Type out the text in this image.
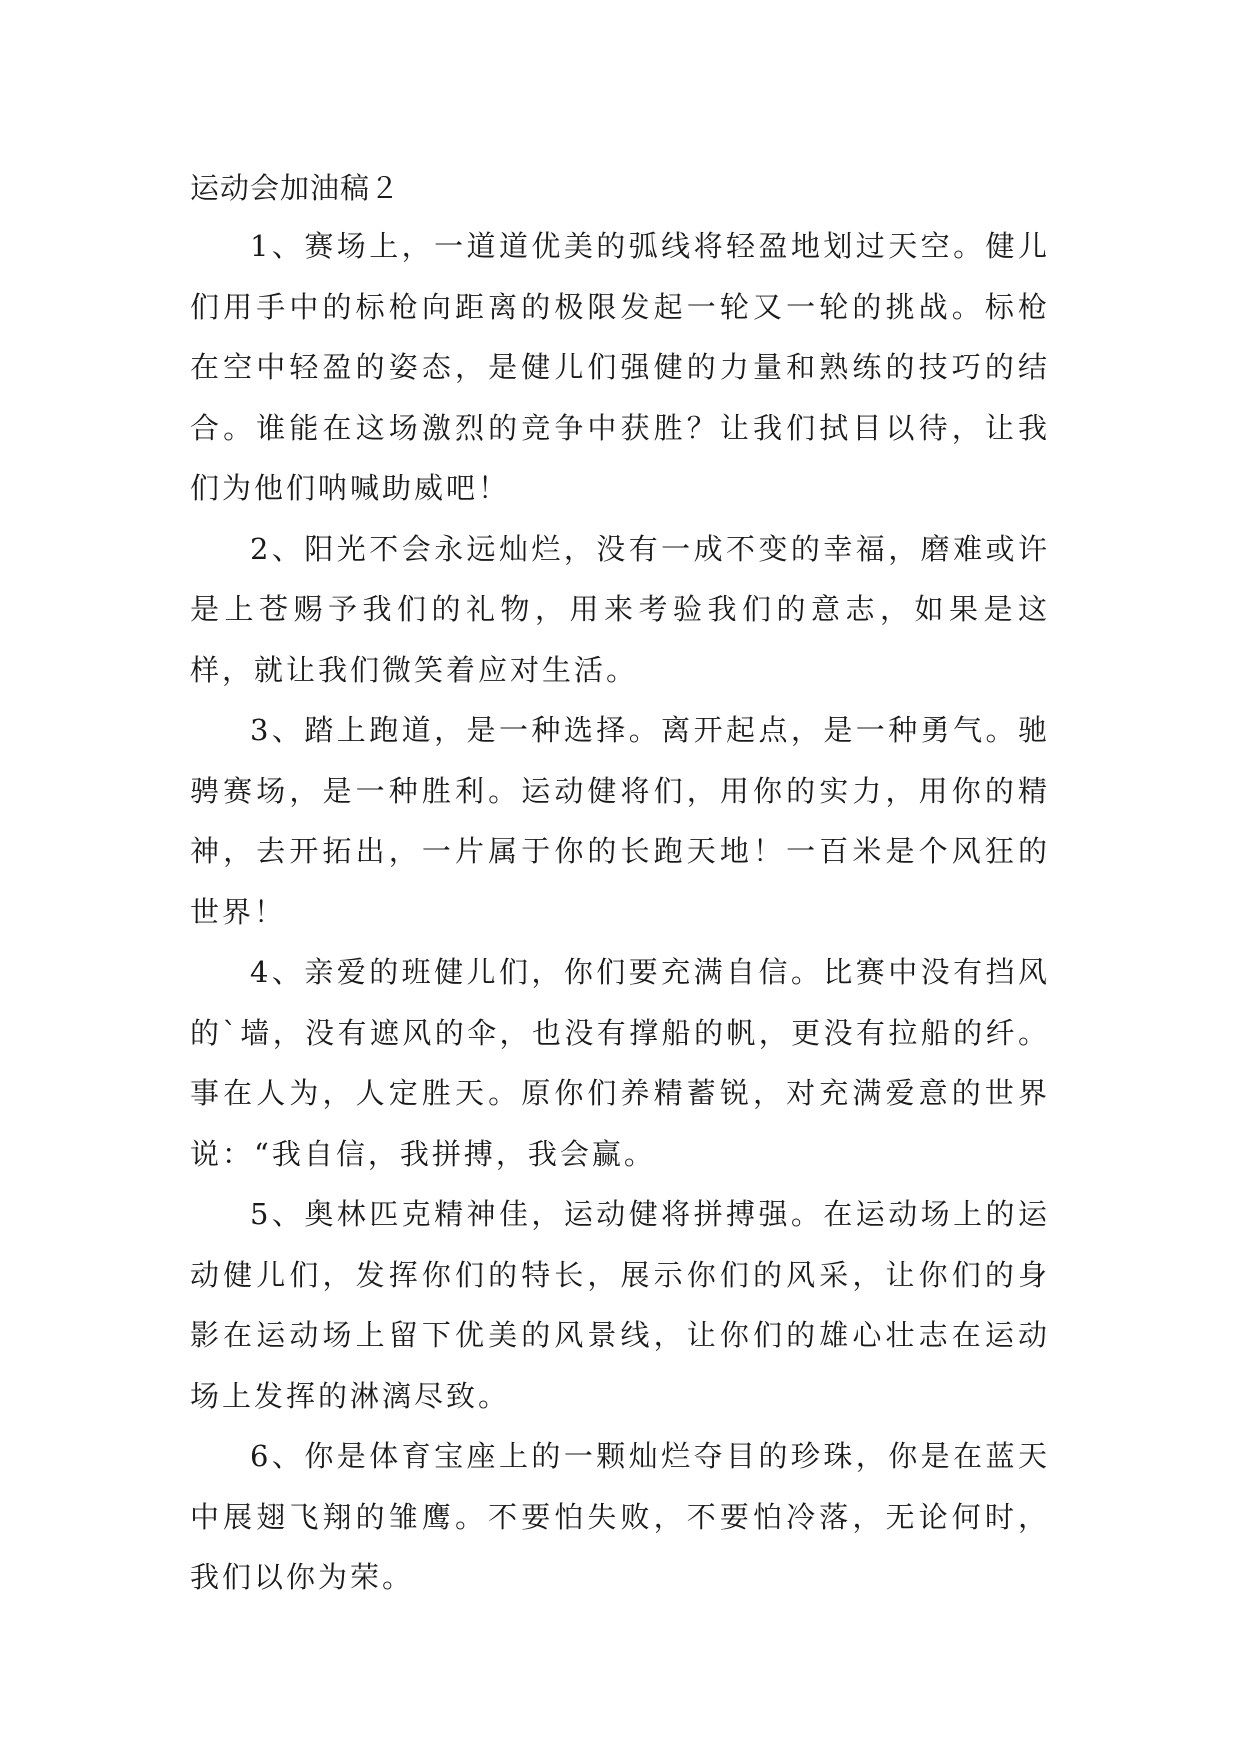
运动会加油稿２

1、赛场上，一道道优美的弧线将轻盈地划过天空。健儿们用手中的标枪向距离的极限发起一轮又一轮的挑战。标枪在空中轻盈的姿态，是健儿们强健的力量和熟练的技巧的结合。谁能在这场激烈的竞争中获胜？让我们拭目以待，让我们为他们呐喊助威吧！

2、阳光不会永远灿烂，没有一成不变的幸福，磨难或许是上苍赐予我们的礼物，用来考验我们的意志，如果是这样，就让我们微笑着应对生活。

3、踏上跑道，是一种选择。离开起点，是一种勇气。驰骋赛场，是一种胜利。运动健将们，用你的实力，用你的精神，去开拓出，一片属于你的长跑天地！一百米是个风狂的世界！

4、亲爱的班健儿们，你们要充满自信。比赛中没有挡风的`墙，没有遮风的伞，也没有撑船的帆，更没有拉船的纤。事在人为，人定胜天。原你们养精蓄锐，对充满爱意的世界说：“我自信，我拼搏，我会赢。

5、奥林匹克精神佳，运动健将拼搏强。在运动场上的运动健儿们，发挥你们的特长，展示你们的风采，让你们的身影在运动场上留下优美的风景线，让你们的雄心壮志在运动场上发挥的淋漓尽致。

6、你是体育宝座上的一颗灿烂夺目的珍珠，你是在蓝天中展翅飞翔的雏鹰。不要怕失败，不要怕冷落，无论何时，我们以你为荣。
